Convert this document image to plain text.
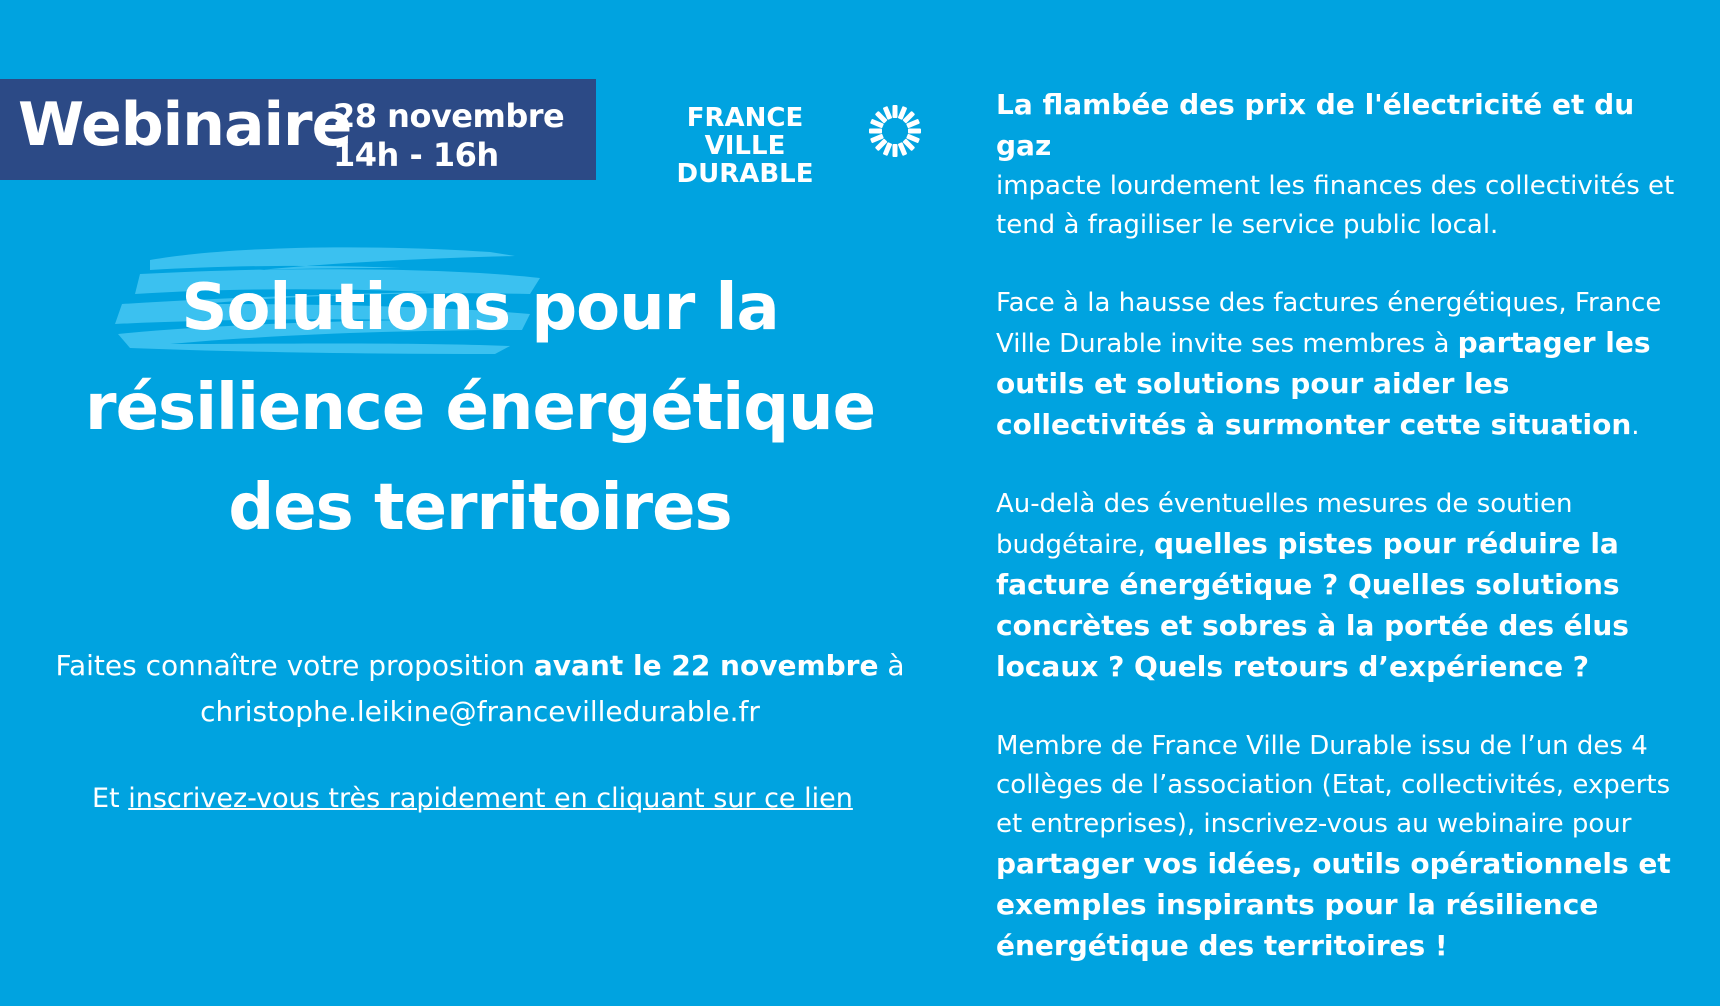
Webinaire
28 novembre
14h - 16h
FRANCE
VILLE DURABLE
Solutions pour la
résilience énergétique
des territoires
Faites connaître votre proposition avant le 22 novembre à
christophe.leikine@francevilledurable.fr
Et inscrivez-vous très rapidement en cliquant sur ce lien

La flambée des prix de l'électricité et du gaz
impacte lourdement les finances des collectivités et tend à fragiliser le service public local.

Face à la hausse des factures énergétiques, France Ville Durable invite ses membres à partager les outils et solutions pour aider les collectivités à surmonter cette situation.

Au-delà des éventuelles mesures de soutien budgétaire, quelles pistes pour réduire la facture énergétique ? Quelles solutions concrètes et sobres à la portée des élus locaux ? Quels retours d’expérience ?

Membre de France Ville Durable issu de l’un des 4 collèges de l’association (Etat, collectivités, experts et entreprises), inscrivez-vous au webinaire pour partager vos idées, outils opérationnels et exemples inspirants pour la résilience énergétique des territoires !
